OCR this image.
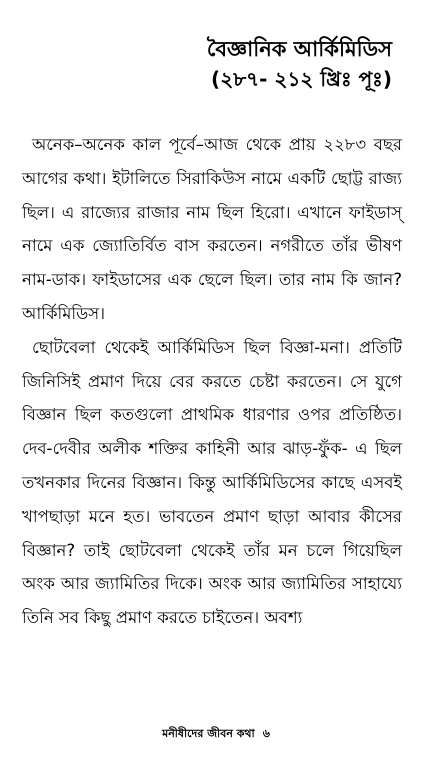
বৈজ্ঞানিক আর্কিমিডিস
(২৮৭- ২১২ খ্রিঃ পূঃ)

অনেক–অনেক কাল পূর্বে–আজ থেকে প্রায় ২২৮৩ বছর আগের কথা। ইটালিতে সিরাকিউস নামে একটি ছোট্ট রাজ্য ছিল। এ রাজ্যের রাজার নাম ছিল হিরো। এখানে ফাইডাস্ নামে এক জ্যোতির্বিত বাস করতেন। নগরীতে তাঁর ভীষণ নাম-ডাক। ফাইডাসের এক ছেলে ছিল। তার নাম কি জান? আর্কিমিডিস।

ছোটবেলা থেকেই আর্কিমিডিস ছিল বিজ্ঞা-মনা। প্রতিটি জিনিসিই প্রমাণ দিয়ে বের করতে চেষ্টা করতেন। সে যুগে বিজ্ঞান ছিল কতগুলো প্রাথমিক ধারণার ওপর প্রতিষ্ঠিত। দেব-দেবীর অলীক শক্তির কাহিনী আর ঝাড়-ফুঁক- এ ছিল তখনকার দিনের বিজ্ঞান। কিন্তু আর্কিমিডিসের কাছে এসবই খাপছাড়া মনে হত। ভাবতেন প্রমাণ ছাড়া আবার কীসের বিজ্ঞান? তাই ছোটবেলা থেকেই তাঁর মন চলে গিয়েছিল অংক আর জ্যামিতির দিকে। অংক আর জ্যামিতির সাহায্যে তিনি সব কিছু প্রমাণ করতে চাইতেন। অবশ্য

মনীষীদের জীবন কথা ৬
